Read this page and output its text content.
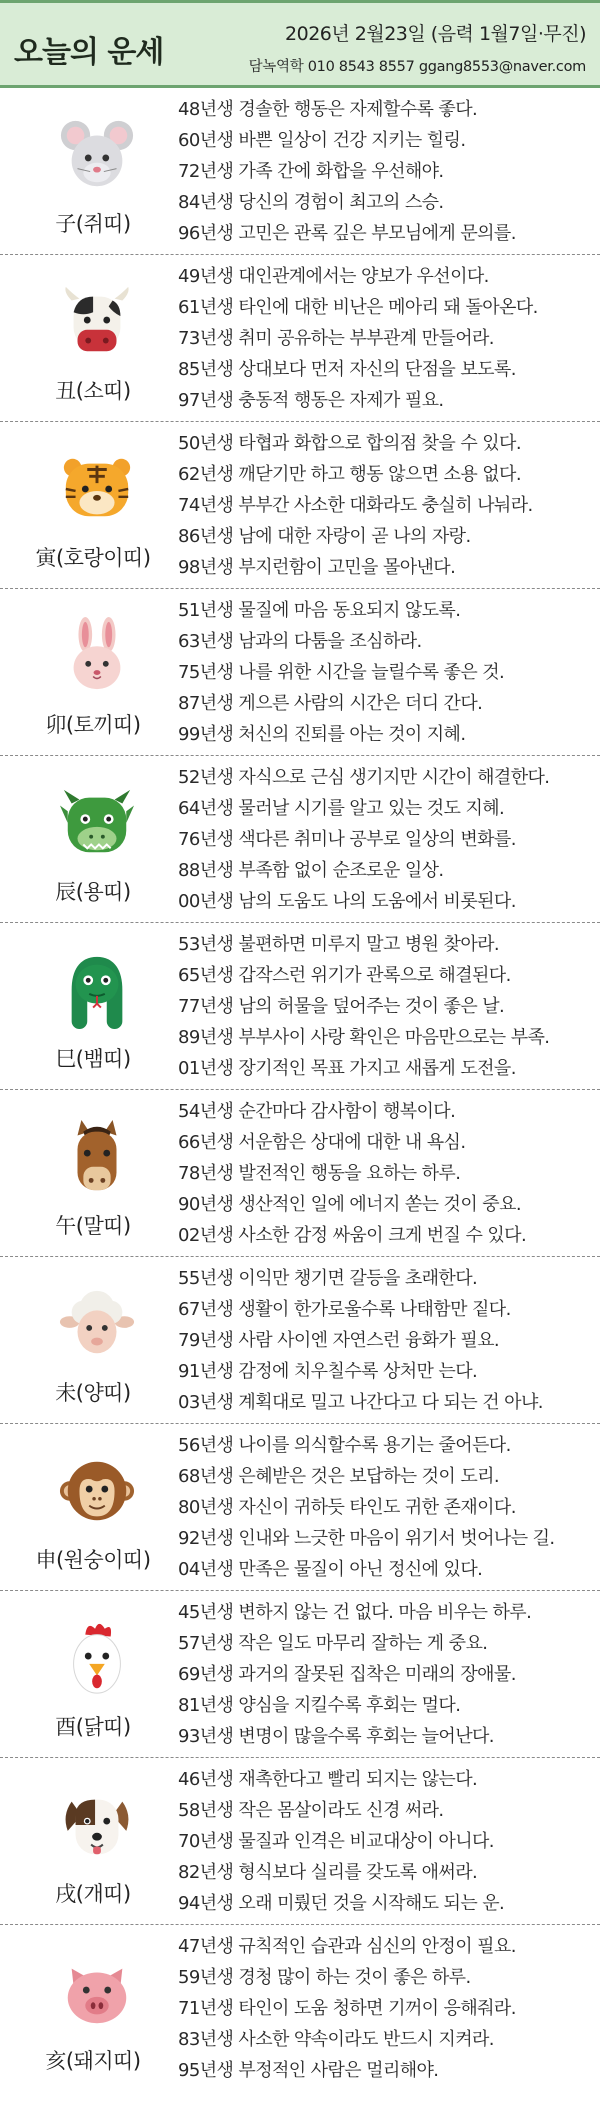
오늘의 운세
2026년 2월23일 (음력 1월7일·무진)
담녹역학 010 8543 8557 ggang8553@naver.com
子(쥐띠)
48년생 경솔한 행동은 자제할수록 좋다.
60년생 바쁜 일상이 건강 지키는 힐링.
72년생 가족 간에 화합을 우선해야.
84년생 당신의 경험이 최고의 스승.
96년생 고민은 관록 깊은 부모님에게 문의를.
丑(소띠)
49년생 대인관계에서는 양보가 우선이다.
61년생 타인에 대한 비난은 메아리 돼 돌아온다.
73년생 취미 공유하는 부부관계 만들어라.
85년생 상대보다 먼저 자신의 단점을 보도록.
97년생 충동적 행동은 자제가 필요.
寅(호랑이띠)
50년생 타협과 화합으로 합의점 찾을 수 있다.
62년생 깨닫기만 하고 행동 않으면 소용 없다.
74년생 부부간 사소한 대화라도 충실히 나눠라.
86년생 남에 대한 자랑이 곧 나의 자랑.
98년생 부지런함이 고민을 몰아낸다.
卯(토끼띠)
51년생 물질에 마음 동요되지 않도록.
63년생 남과의 다툼을 조심하라.
75년생 나를 위한 시간을 늘릴수록 좋은 것.
87년생 게으른 사람의 시간은 더디 간다.
99년생 처신의 진퇴를 아는 것이 지혜.
辰(용띠)
52년생 자식으로 근심 생기지만 시간이 해결한다.
64년생 물러날 시기를 알고 있는 것도 지혜.
76년생 색다른 취미나 공부로 일상의 변화를.
88년생 부족함 없이 순조로운 일상.
00년생 남의 도움도 나의 도움에서 비롯된다.
巳(뱀띠)
53년생 불편하면 미루지 말고 병원 찾아라.
65년생 갑작스런 위기가 관록으로 해결된다.
77년생 남의 허물을 덮어주는 것이 좋은 날.
89년생 부부사이 사랑 확인은 마음만으로는 부족.
01년생 장기적인 목표 가지고 새롭게 도전을.
午(말띠)
54년생 순간마다 감사함이 행복이다.
66년생 서운함은 상대에 대한 내 욕심.
78년생 발전적인 행동을 요하는 하루.
90년생 생산적인 일에 에너지 쏟는 것이 중요.
02년생 사소한 감정 싸움이 크게 번질 수 있다.
未(양띠)
55년생 이익만 챙기면 갈등을 초래한다.
67년생 생활이 한가로울수록 나태함만 짙다.
79년생 사람 사이엔 자연스런 융화가 필요.
91년생 감정에 치우칠수록 상처만 는다.
03년생 계획대로 밀고 나간다고 다 되는 건 아냐.
申(원숭이띠)
56년생 나이를 의식할수록 용기는 줄어든다.
68년생 은혜받은 것은 보답하는 것이 도리.
80년생 자신이 귀하듯 타인도 귀한 존재이다.
92년생 인내와 느긋한 마음이 위기서 벗어나는 길.
04년생 만족은 물질이 아닌 정신에 있다.
酉(닭띠)
45년생 변하지 않는 건 없다. 마음 비우는 하루.
57년생 작은 일도 마무리 잘하는 게 중요.
69년생 과거의 잘못된 집착은 미래의 장애물.
81년생 양심을 지킬수록 후회는 멀다.
93년생 변명이 많을수록 후회는 늘어난다.
戌(개띠)
46년생 재촉한다고 빨리 되지는 않는다.
58년생 작은 몸살이라도 신경 써라.
70년생 물질과 인격은 비교대상이 아니다.
82년생 형식보다 실리를 갖도록 애써라.
94년생 오래 미뤘던 것을 시작해도 되는 운.
亥(돼지띠)
47년생 규칙적인 습관과 심신의 안정이 필요.
59년생 경청 많이 하는 것이 좋은 하루.
71년생 타인이 도움 청하면 기꺼이 응해줘라.
83년생 사소한 약속이라도 반드시 지켜라.
95년생 부정적인 사람은 멀리해야.
